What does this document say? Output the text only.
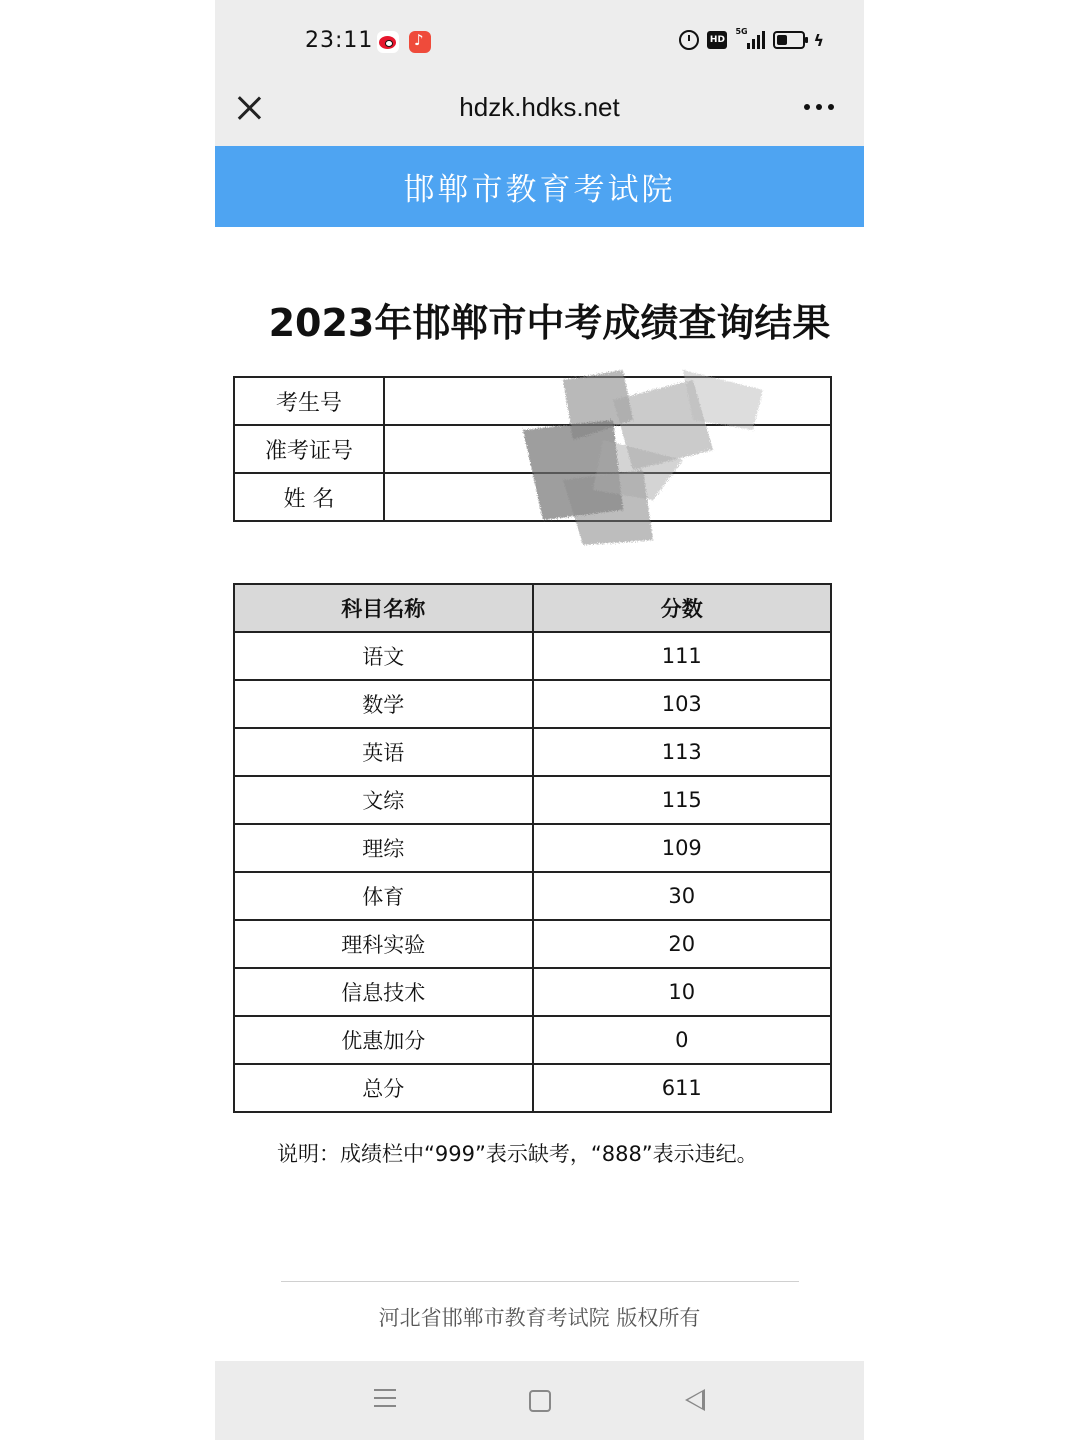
23:11 ♪	HD
5G	ϟ
hdzk.hdks.net
邯郸市教育考试院
2023年邯郸市中考成绩查询结果
考生号	
准考证号	
姓 名	
科目名称	分数
语文	111
数学	103
英语	113
文综	115
理综	109
体育	30
理科实验	20
信息技术	10
优惠加分	0
总分	611
说明：成绩栏中“999”表示缺考，“888”表示违纪。
河北省邯郸市教育考试院 版权所有
